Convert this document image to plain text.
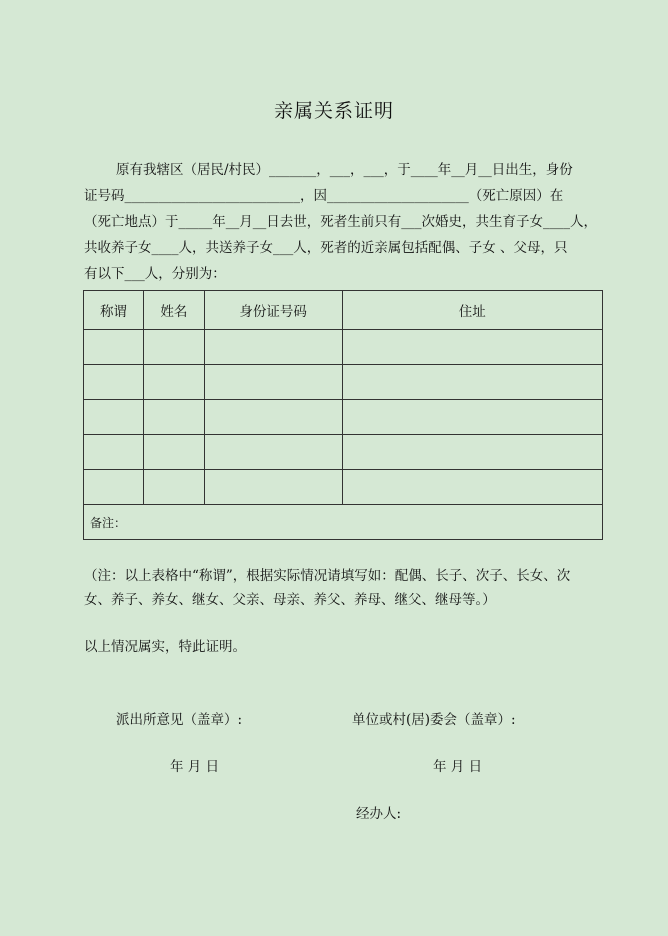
亲属关系证明
原有我辖区（居民/村民）_______，___，___，于____年__月__日出生，身份
证号码__________________________，因_____________________（死亡原因）在
（死亡地点）于_____年__月__日去世，死者生前只有___次婚史，共生育子女____人，
共收养子女____人，共送养子女___人，死者的近亲属包括配偶、子女 、父母，只
有以下___人，分别为：
称谓	姓名	身份证号码	住址

备注：			
（注：以上表格中“称谓”，根据实际情况请填写如：配偶、长子、次子、长女、次
女、养子、养女、继女、父亲、母亲、养父、养母、继父、继母等。）
以上情况属实，特此证明。
派出所意见（盖章）:	单位或村(居)委会（盖章）:
年 月 日	年 月 日
经办人:
